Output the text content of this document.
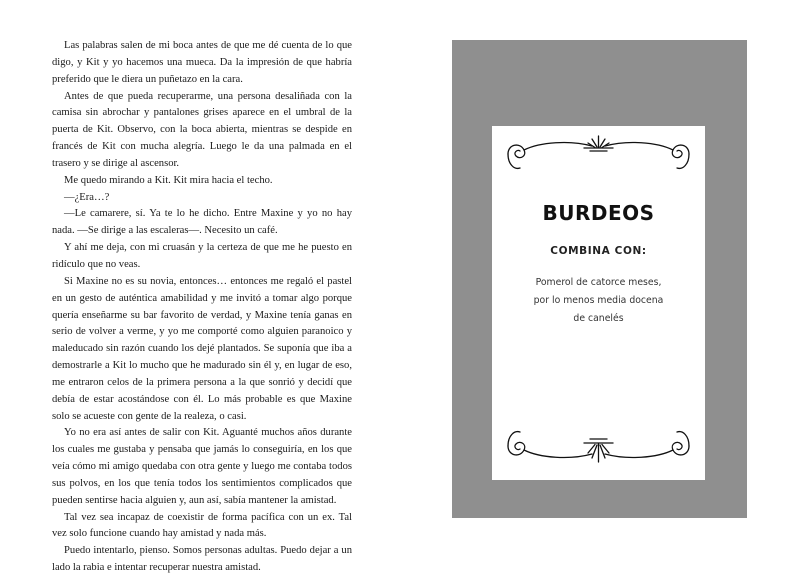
Las palabras salen de mi boca antes de que me dé cuenta de lo que digo, y Kit y yo hacemos una mueca. Da la impresión de que habría preferido que le diera un puñetazo en la cara.

Antes de que pueda recuperarme, una persona desaliñada con la camisa sin abrochar y pantalones grises aparece en el umbral de la puerta de Kit. Observo, con la boca abierta, mientras se despide en francés de Kit con mucha alegría. Luego le da una palmada en el trasero y se dirige al ascensor.

Me quedo mirando a Kit. Kit mira hacia el techo.

—¿Era…?

—Le camarere, sí. Ya te lo he dicho. Entre Maxine y yo no hay nada. —Se dirige a las escaleras—. Necesito un café.

Y ahí me deja, con mi cruasán y la certeza de que me he puesto en ridículo que no veas.

Si Maxine no es su novia, entonces… entonces me regaló el pastel en un gesto de auténtica amabilidad y me invitó a tomar algo porque quería enseñarme su bar favorito de verdad, y Maxine tenía ganas en serio de volver a verme, y yo me comporté como alguien paranoico y maleducado sin razón cuando los dejé plantados. Se suponía que iba a demostrarle a Kit lo mucho que he madurado sin él y, en lugar de eso, me entraron celos de la primera persona a la que sonrió y decidí que debía de estar acostándose con él. Lo más probable es que Maxine solo se acueste con gente de la realeza, o casi.

Yo no era así antes de salir con Kit. Aguanté muchos años durante los cuales me gustaba y pensaba que jamás lo conseguiría, en los que veía cómo mi amigo quedaba con otra gente y luego me contaba todos sus polvos, en los que tenía todos los sentimientos complicados que pueden sentirse hacia alguien y, aun así, sabía mantener la amistad.

Tal vez sea incapaz de coexistir de forma pacífica con un ex. Tal vez solo funcione cuando hay amistad y nada más.

Puedo intentarlo, pienso. Somos personas adultas. Puedo dejar a un lado la rabia e intentar recuperar nuestra amistad.

BURDEOS
COMBINA CON:
Pomerol de catorce meses,
por lo menos media docena
de canelés
